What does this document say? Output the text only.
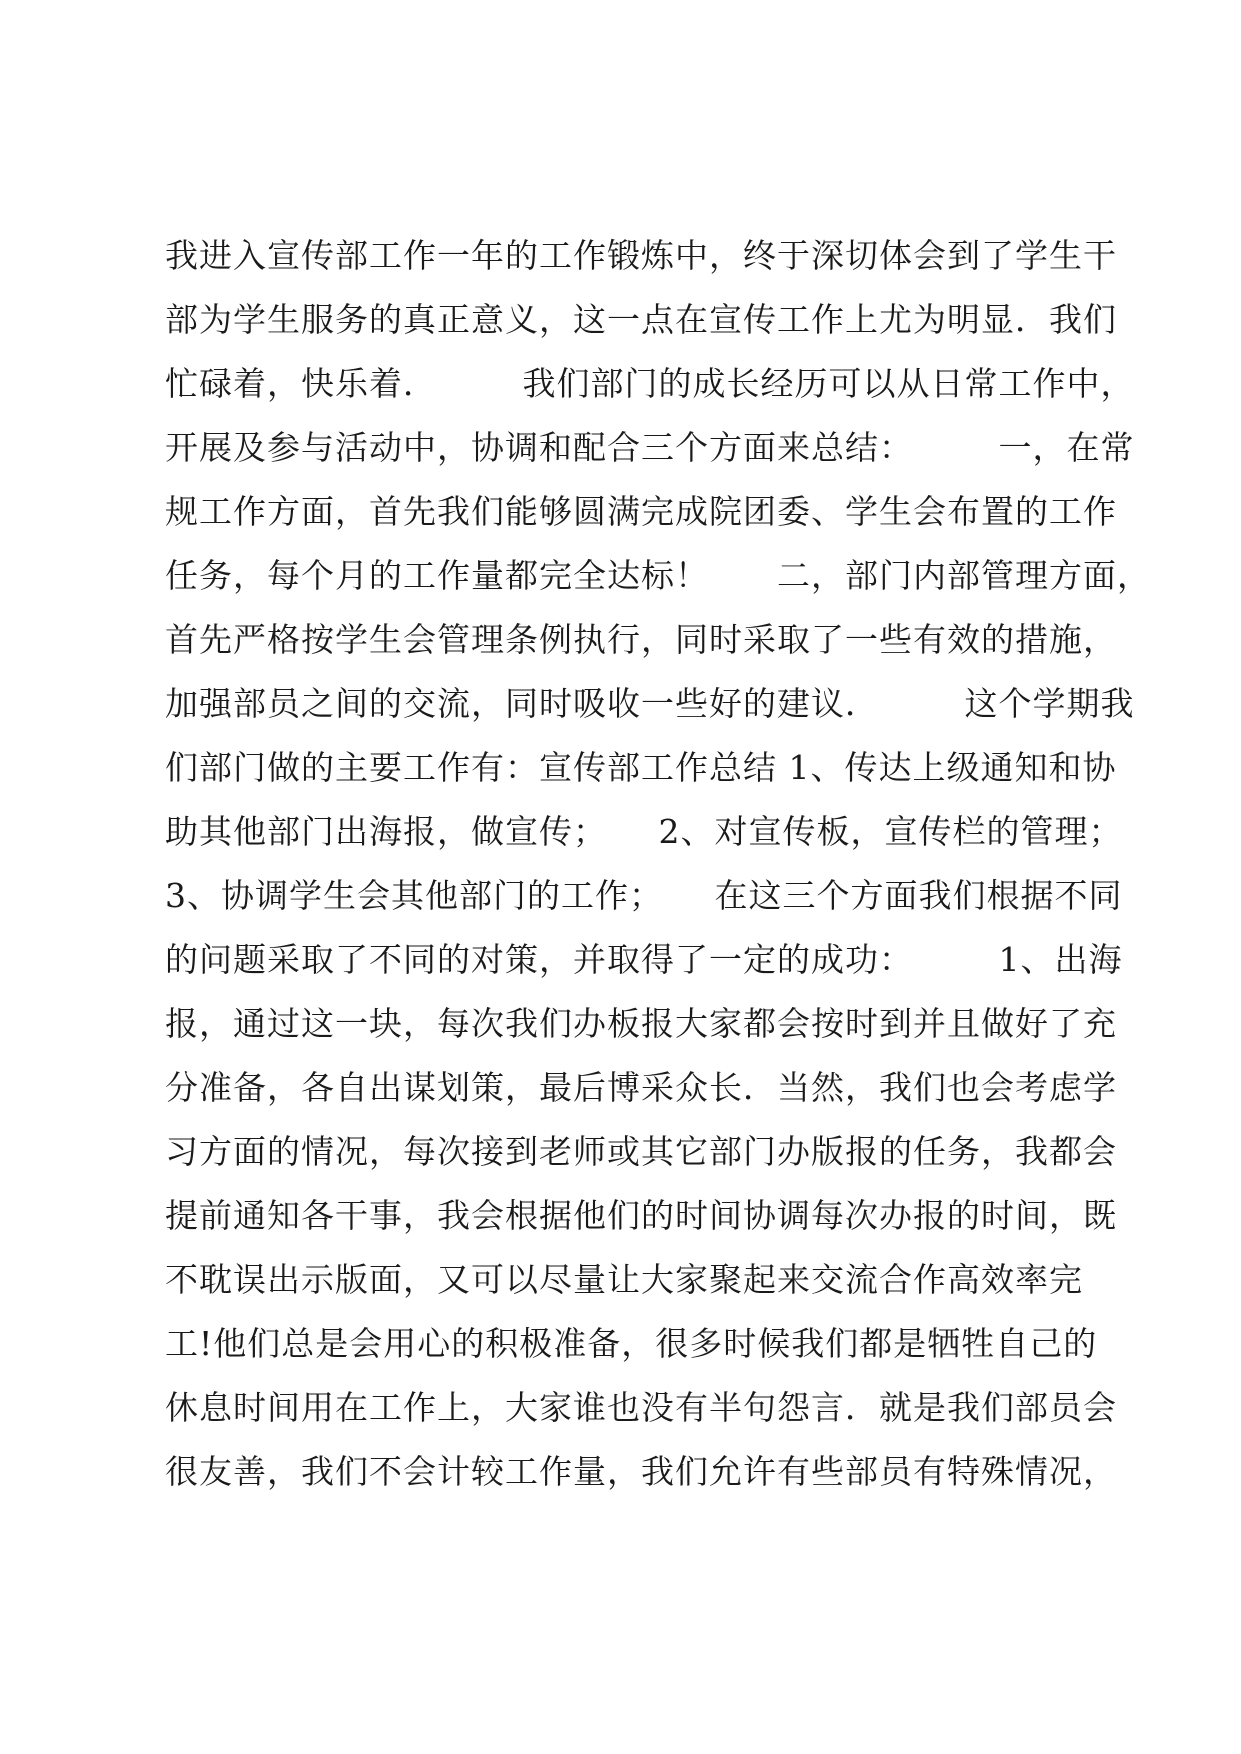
我进入宣传部工作一年的工作锻炼中，终于深切体会到了学生干
部为学生服务的真正意义，这一点在宣传工作上尤为明显．我们
忙碌着，快乐着．　　　我们部门的成长经历可以从日常工作中，
开展及参与活动中，协调和配合三个方面来总结：　　　一，在常
规工作方面，首先我们能够圆满完成院团委、学生会布置的工作
任务，每个月的工作量都完全达标！　　二，部门内部管理方面，
首先严格按学生会管理条例执行，同时采取了一些有效的措施，
加强部员之间的交流，同时吸收一些好的建议．　　　这个学期我
们部门做的主要工作有：宣传部工作总结 1、传达上级通知和协
助其他部门出海报，做宣传；　　2、对宣传板，宣传栏的管理；
3、协调学生会其他部门的工作；　　在这三个方面我们根据不同
的问题采取了不同的对策，并取得了一定的成功：　　　1、出海
报，通过这一块，每次我们办板报大家都会按时到并且做好了充
分准备，各自出谋划策，最后博采众长．当然，我们也会考虑学
习方面的情况，每次接到老师或其它部门办版报的任务，我都会
提前通知各干事，我会根据他们的时间协调每次办报的时间，既
不耽误出示版面，又可以尽量让大家聚起来交流合作高效率完
工!他们总是会用心的积极准备，很多时候我们都是牺牲自己的
休息时间用在工作上，大家谁也没有半句怨言．就是我们部员会
很友善，我们不会计较工作量，我们允许有些部员有特殊情况，
